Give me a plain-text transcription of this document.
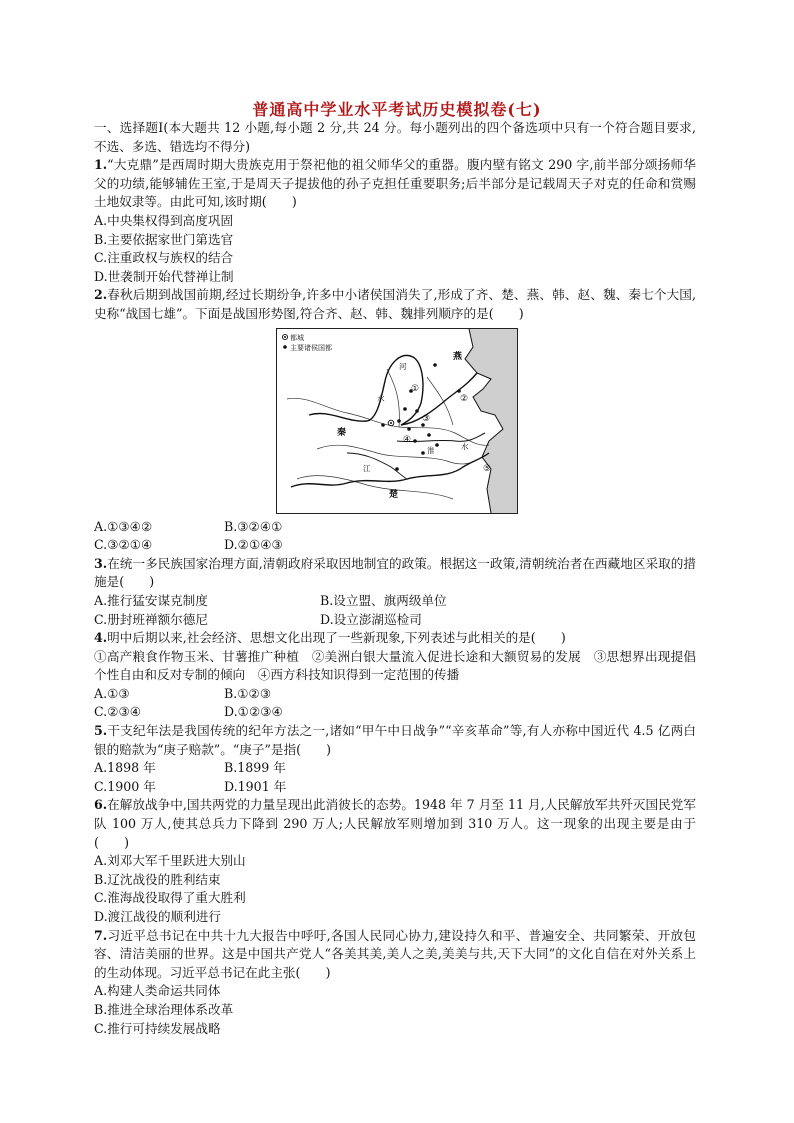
普通高中学业水平考试历史模拟卷(七)

一、选择题Ⅰ(本大题共 12 小题,每小题 2 分,共 24 分。每小题列出的四个备选项中只有一个符合题目要求,不选、多选、错选均不得分)

1.“大克鼎”是西周时期大贵族克用于祭祀他的祖父师华父的重器。腹内壁有铭文 290 字,前半部分颂扬师华父的功绩,能够辅佐王室,于是周天子提拔他的孙子克担任重要职务;后半部分是记载周天子对克的任命和赏赐土地奴隶等。由此可知,该时期(　　)

A.中央集权得到高度巩固
B.主要依据家世门第选官
C.注重政权与族权的结合
D.世袭制开始代替禅让制

2.春秋后期到战国前期,经过长期纷争,许多中小诸侯国消失了,形成了齐、楚、燕、韩、赵、魏、秦七个大国,史称“战国七雄”。下面是战国形势图,符合齐、赵、韩、魏排列顺序的是(　　)

都城
主要诸侯国都
①
②
③
④
⑤
燕
秦
楚
河
水
江
淮	水
A.①③④②	B.③②④①
C.③②①④	D.②①④③

3.在统一多民族国家治理方面,清朝政府采取因地制宜的政策。根据这一政策,清朝统治者在西藏地区采取的措施是(　　)

A.推行猛安谋克制度	B.设立盟、旗两级单位
C.册封班禅额尔德尼	D.设立澎湖巡检司

4.明中后期以来,社会经济、思想文化出现了一些新现象,下列表述与此相关的是(　　)

①高产粮食作物玉米、甘薯推广种植　②美洲白银大量流入促进长途和大额贸易的发展　③思想界出现提倡个性自由和反对专制的倾向　④西方科技知识得到一定范围的传播

A.①③	B.①②③
C.②③④	D.①②③④

5.干支纪年法是我国传统的纪年方法之一,诸如“甲午中日战争”“辛亥革命”等,有人亦称中国近代 4.5 亿两白银的赔款为“庚子赔款”。“庚子”是指(　　)

A.1898 年	B.1899 年
C.1900 年	D.1901 年

6.在解放战争中,国共两党的力量呈现出此消彼长的态势。1948 年 7 月至 11 月,人民解放军共歼灭国民党军队 100 万人,使其总兵力下降到 290 万人;人民解放军则增加到 310 万人。这一现象的出现主要是由于　　　(　　)

A.刘邓大军千里跃进大别山
B.辽沈战役的胜利结束
C.淮海战役取得了重大胜利
D.渡江战役的顺利进行

7.习近平总书记在中共十九大报告中呼吁,各国人民同心协力,建设持久和平、普遍安全、共同繁荣、开放包容、清洁美丽的世界。这是中国共产党人“各美其美,美人之美,美美与共,天下大同”的文化自信在对外关系上的生动体现。习近平总书记在此主张(　　)

A.构建人类命运共同体
B.推进全球治理体系改革
C.推行可持续发展战略
